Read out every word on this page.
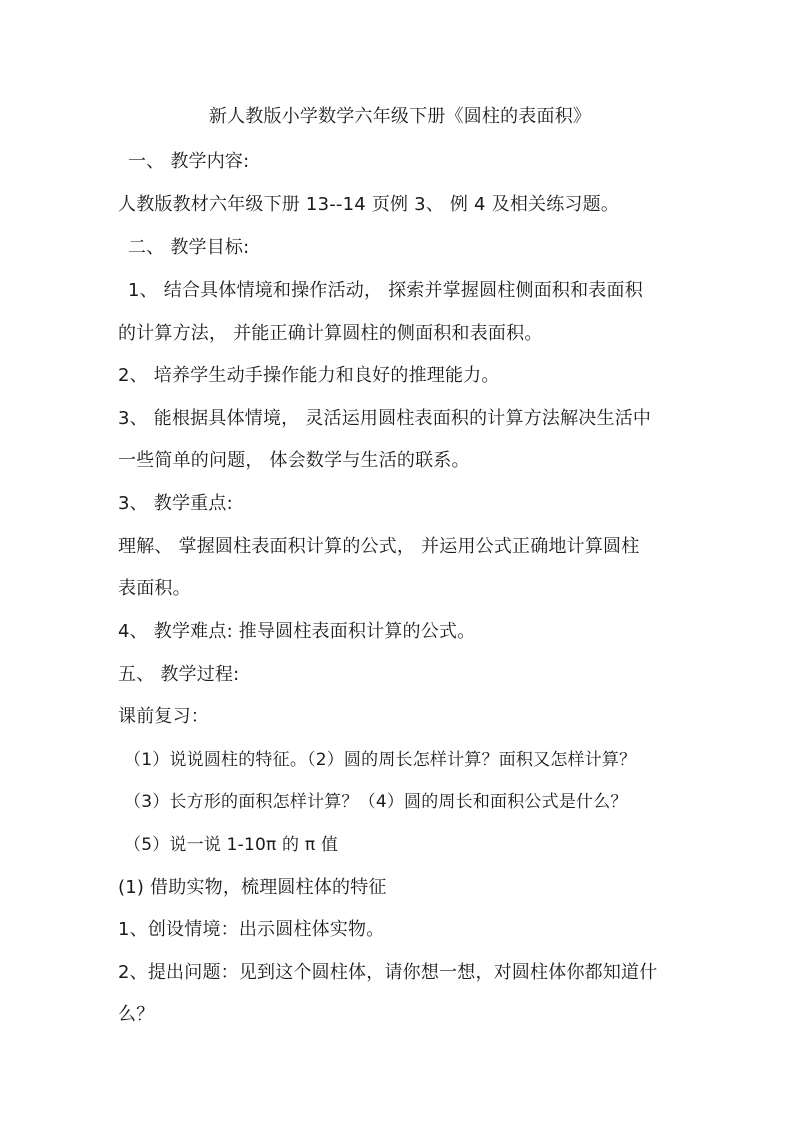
新人教版小学数学六年级下册《圆柱的表面积》
一、 教学内容:
人教版教材六年级下册 13--14 页例 3、 例 4 及相关练习题。
二、 教学目标:
1、 结合具体情境和操作活动， 探索并掌握圆柱侧面积和表面积
的计算方法， 并能正确计算圆柱的侧面积和表面积。
2、 培养学生动手操作能力和良好的推理能力。
3、 能根据具体情境， 灵活运用圆柱表面积的计算方法解决生活中
一些简单的问题， 体会数学与生活的联系。
3、 教学重点:
理解、 掌握圆柱表面积计算的公式， 并运用公式正确地计算圆柱
表面积。
4、 教学难点: 推导圆柱表面积计算的公式。
五、 教学过程:
课前复习：
（1）说说圆柱的特征。（2）圆的周长怎样计算？面积又怎样计算？
（3）长方形的面积怎样计算？（4）圆的周长和面积公式是什么？
（5）说一说 1-10π 的 π 值
(1) 借助实物，梳理圆柱体的特征
1、创设情境：出示圆柱体实物。
2、提出问题：见到这个圆柱体，请你想一想，对圆柱体你都知道什
么？
